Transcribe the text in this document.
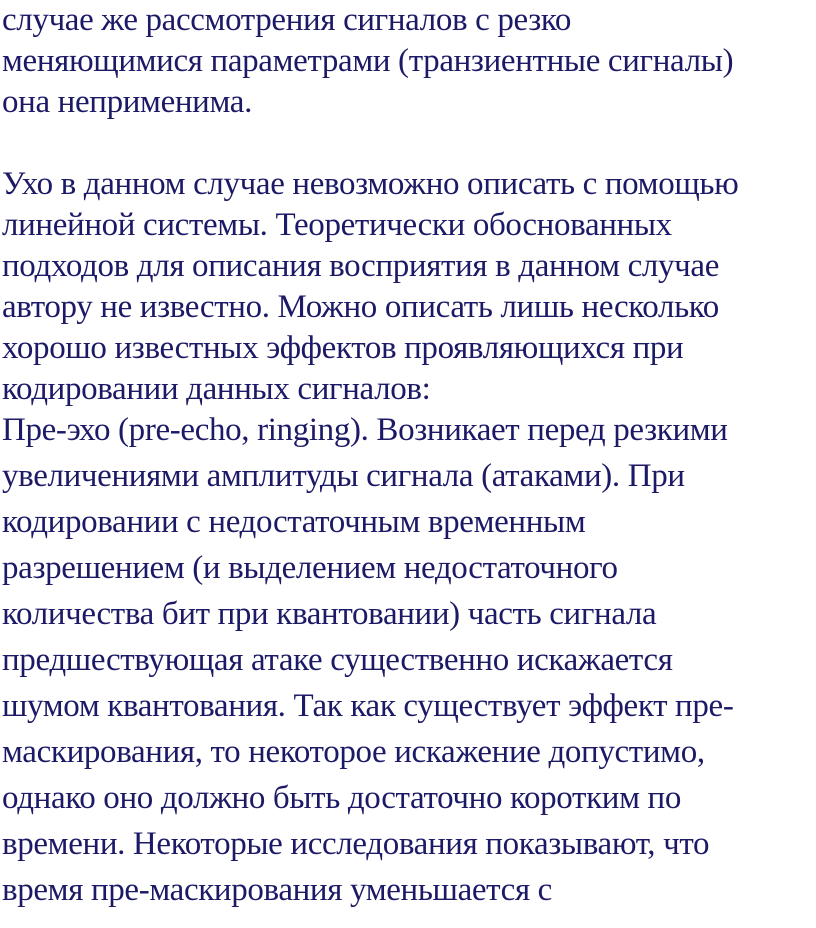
случае же рассмотрения сигналов с резко

меняющимися параметрами (транзиентные сигналы)

она неприменима.

Ухо в данном случае невозможно описать с помощью

линейной системы. Теоретически обоснованных

подходов для описания восприятия в данном случае

автору не известно. Можно описать лишь несколько

хорошо известных эффектов проявляющихся при

кодировании данных сигналов:

Пре-эхо (pre-echo, ringing). Возникает перед резкими

увеличениями амплитуды сигнала (атаками). При

кодировании с недостаточным временным

разрешением (и выделением недостаточного

количества бит при квантовании) часть сигнала

предшествующая атаке существенно искажается

шумом квантования. Так как существует эффект пре-

маскирования, то некоторое искажение допустимо,

однако оно должно быть достаточно коротким по

времени. Некоторые исследования показывают, что

время пре-маскирования уменьшается с
